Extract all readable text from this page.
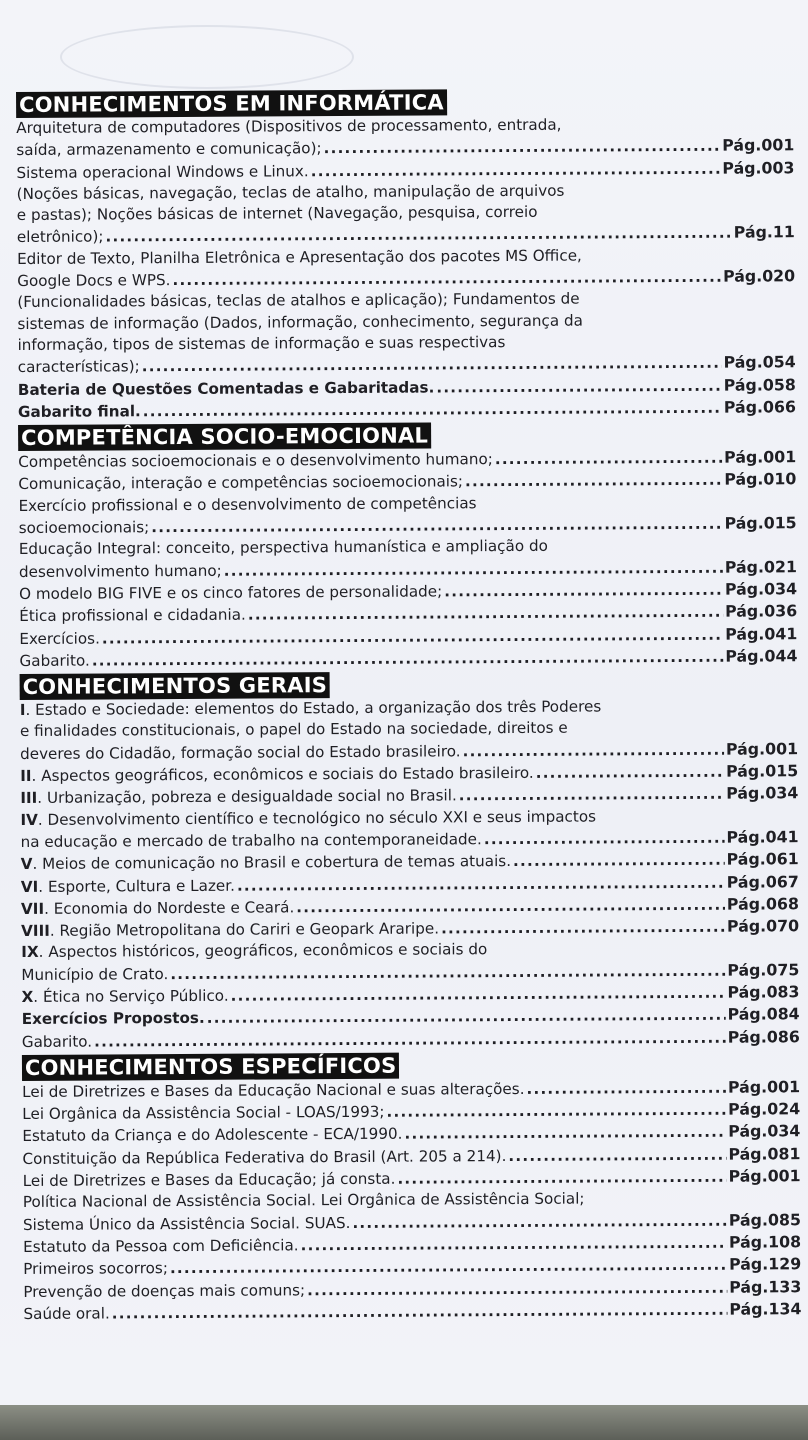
CONHECIMENTOS EM INFORMÁTICA
Arquitetura de computadores (Dispositivos de processamento, entrada,
saída, armazenamento e comunicação); .....	Pág.001
Sistema operacional Windows e Linux. .....	Pág.003
(Noções básicas, navegação, teclas de atalho, manipulação de arquivos
e pastas); Noções básicas de internet (Navegação, pesquisa, correio
eletrônico); .....	Pág.11
Editor de Texto, Planilha Eletrônica e Apresentação dos pacotes MS Office,
Google Docs e WPS. .....	Pág.020
(Funcionalidades básicas, teclas de atalhos e aplicação); Fundamentos de
sistemas de informação (Dados, informação, conhecimento, segurança da
informação, tipos de sistemas de informação e suas respectivas
características); .....	Pág.054
Bateria de Questões Comentadas e Gabaritadas. .....	Pág.058
Gabarito final. .....	Pág.066
COMPETÊNCIA SOCIO-EMOCIONAL
Competências socioemocionais e o desenvolvimento humano; .....	Pág.001
Comunicação, interação e competências socioemocionais; .....	Pág.010
Exercício profissional e o desenvolvimento de competências
socioemocionais; .....	Pág.015
Educação Integral: conceito, perspectiva humanística e ampliação do
desenvolvimento humano; .....	Pág.021
O modelo BIG FIVE e os cinco fatores de personalidade; .....	Pág.034
Ética profissional e cidadania. .....	Pág.036
Exercícios. .....	Pág.041
Gabarito. .....	Pág.044
CONHECIMENTOS GERAIS
I. Estado e Sociedade: elementos do Estado, a organização dos três Poderes
e finalidades constitucionais, o papel do Estado na sociedade, direitos e
deveres do Cidadão, formação social do Estado brasileiro. .....	Pág.001
II. Aspectos geográficos, econômicos e sociais do Estado brasileiro. .....	Pág.015
III. Urbanização, pobreza e desigualdade social no Brasil. .....	Pág.034
IV. Desenvolvimento científico e tecnológico no século XXI e seus impactos
na educação e mercado de trabalho na contemporaneidade. .....	Pág.041
V. Meios de comunicação no Brasil e cobertura de temas atuais. .....	Pág.061
VI. Esporte, Cultura e Lazer. .....	Pág.067
VII. Economia do Nordeste e Ceará. .....	Pág.068
VIII. Região Metropolitana do Cariri e Geopark Araripe. .....	Pág.070
IX. Aspectos históricos, geográficos, econômicos e sociais do
Município de Crato. .....	Pág.075
X. Ética no Serviço Público. .....	Pág.083
Exercícios Propostos. .....	Pág.084
Gabarito. .....	Pág.086
CONHECIMENTOS ESPECÍFICOS
Lei de Diretrizes e Bases da Educação Nacional e suas alterações. .....	Pág.001
Lei Orgânica da Assistência Social - LOAS/1993; .....	Pág.024
Estatuto da Criança e do Adolescente - ECA/1990. .....	Pág.034
Constituição da República Federativa do Brasil (Art. 205 a 214). .....	Pág.081
Lei de Diretrizes e Bases da Educação; já consta. .....	Pág.001
Política Nacional de Assistência Social. Lei Orgânica de Assistência Social;
Sistema Único da Assistência Social. SUAS. .....	Pág.085
Estatuto da Pessoa com Deficiência. .....	Pág.108
Primeiros socorros; .....	Pág.129
Prevenção de doenças mais comuns; .....	Pág.133
Saúde oral. .....	Pág.134
